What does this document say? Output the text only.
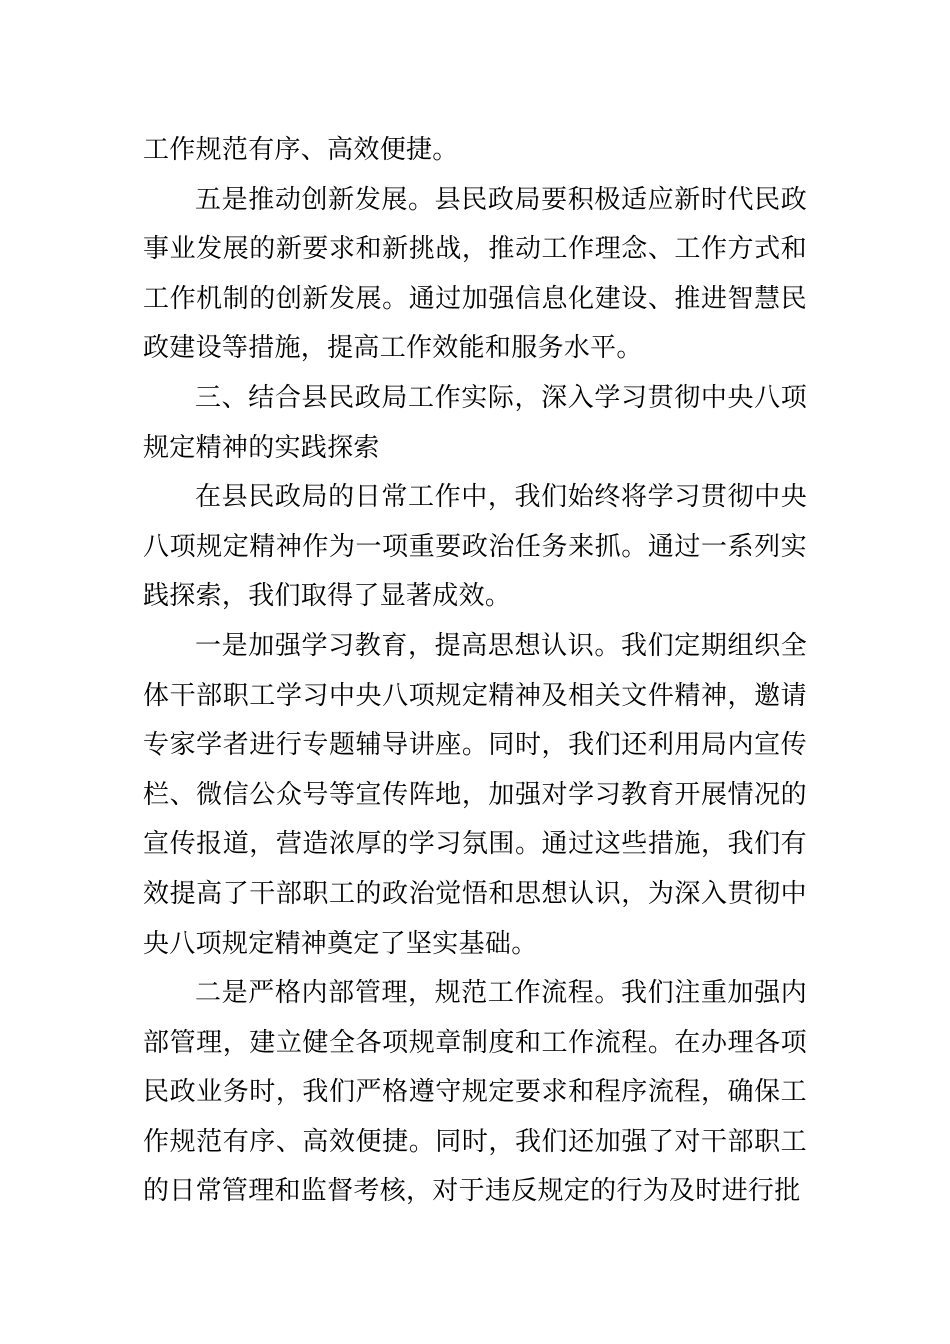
工作规范有序、高效便捷。

五是推动创新发展。县民政局要积极适应新时代民政事业发展的新要求和新挑战，推动工作理念、工作方式和工作机制的创新发展。通过加强信息化建设、推进智慧民政建设等措施，提高工作效能和服务水平。

三、结合县民政局工作实际，深入学习贯彻中央八项规定精神的实践探索

在县民政局的日常工作中，我们始终将学习贯彻中央八项规定精神作为一项重要政治任务来抓。通过一系列实践探索，我们取得了显著成效。

一是加强学习教育，提高思想认识。我们定期组织全体干部职工学习中央八项规定精神及相关文件精神，邀请专家学者进行专题辅导讲座。同时，我们还利用局内宣传栏、微信公众号等宣传阵地，加强对学习教育开展情况的宣传报道，营造浓厚的学习氛围。通过这些措施，我们有效提高了干部职工的政治觉悟和思想认识，为深入贯彻中央八项规定精神奠定了坚实基础。

二是严格内部管理，规范工作流程。我们注重加强内部管理，建立健全各项规章制度和工作流程。在办理各项民政业务时，我们严格遵守规定要求和程序流程，确保工作规范有序、高效便捷。同时，我们还加强了对干部职工的日常管理和监督考核，对于违反规定的行为及时进行批
